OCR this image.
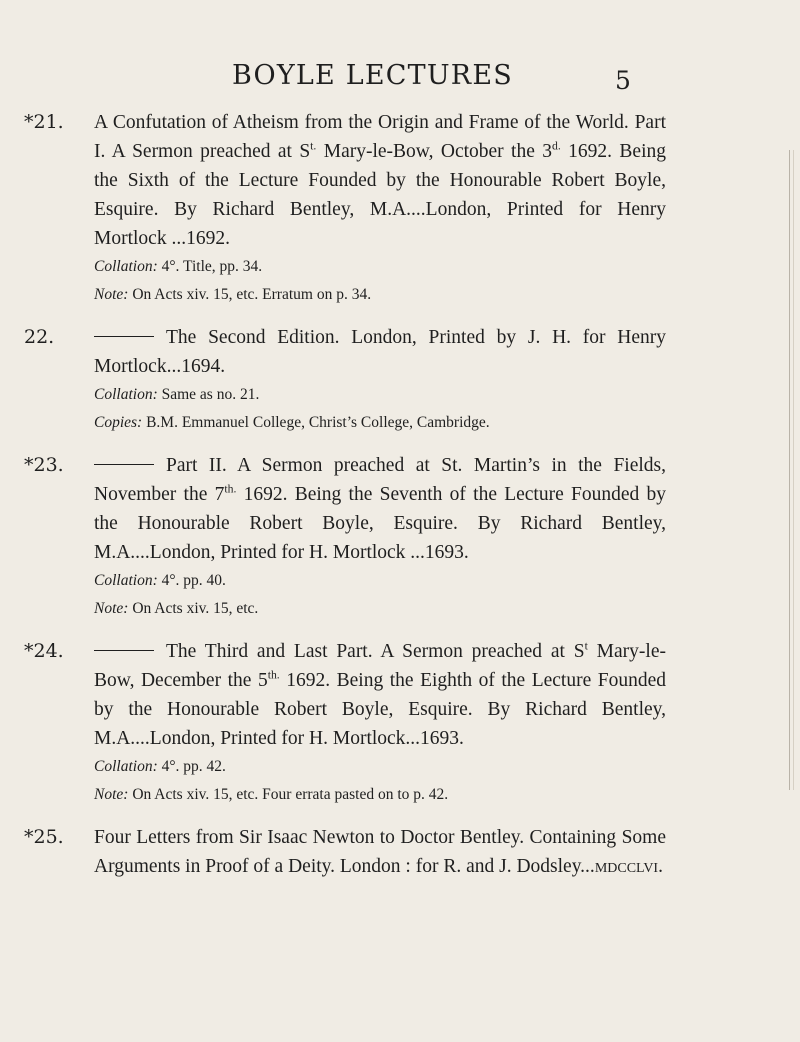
BOYLE LECTURES	5
*21. A Confutation of Atheism from the Origin and Frame of the World. Part I. A Sermon preached at $S^{t.}$ Mary-le-Bow, October the $3^{d.}$ 1692. Being the Sixth of the Lecture Founded by the Honourable Robert Boyle, Esquire. By Richard Bentley, M.A....London, Printed for Henry Mortlock ...1692.
Collation: 4°. Title, pp. 34.
Note: On Acts xiv. 15, etc. Erratum on p. 34.
22.	The Second Edition. London, Printed by J. H. for Henry Mortlock...1694.
Collation: Same as no. 21.
Copies: B.M. Emmanuel College, Christ’s College, Cambridge.
*23.	Part II. A Sermon preached at St. Martin’s in the Fields, November the $7^{th.}$ 1692. Being the Seventh of the Lecture Founded by the Honourable Robert Boyle, Esquire. By Richard Bentley, M.A....London, Printed for H. Mortlock ...1693.
Collation: 4°. pp. 40.
Note: On Acts xiv. 15, etc.
*24.	The Third and Last Part. A Sermon preached at $S^t$ Mary-le-Bow, December the $5^{th.}$ 1692. Being the Eighth of the Lecture Founded by the Honourable Robert Boyle, Esquire. By Richard Bentley, M.A....London, Printed for H. Mortlock...1693.
Collation: 4°. pp. 42.
Note: On Acts xiv. 15, etc. Four errata pasted on to p. 42.
*25. Four Letters from Sir Isaac Newton to Doctor Bentley. Containing Some Arguments in Proof of a Deity. London : for R. and J. Dodsley...mdcclvi.
